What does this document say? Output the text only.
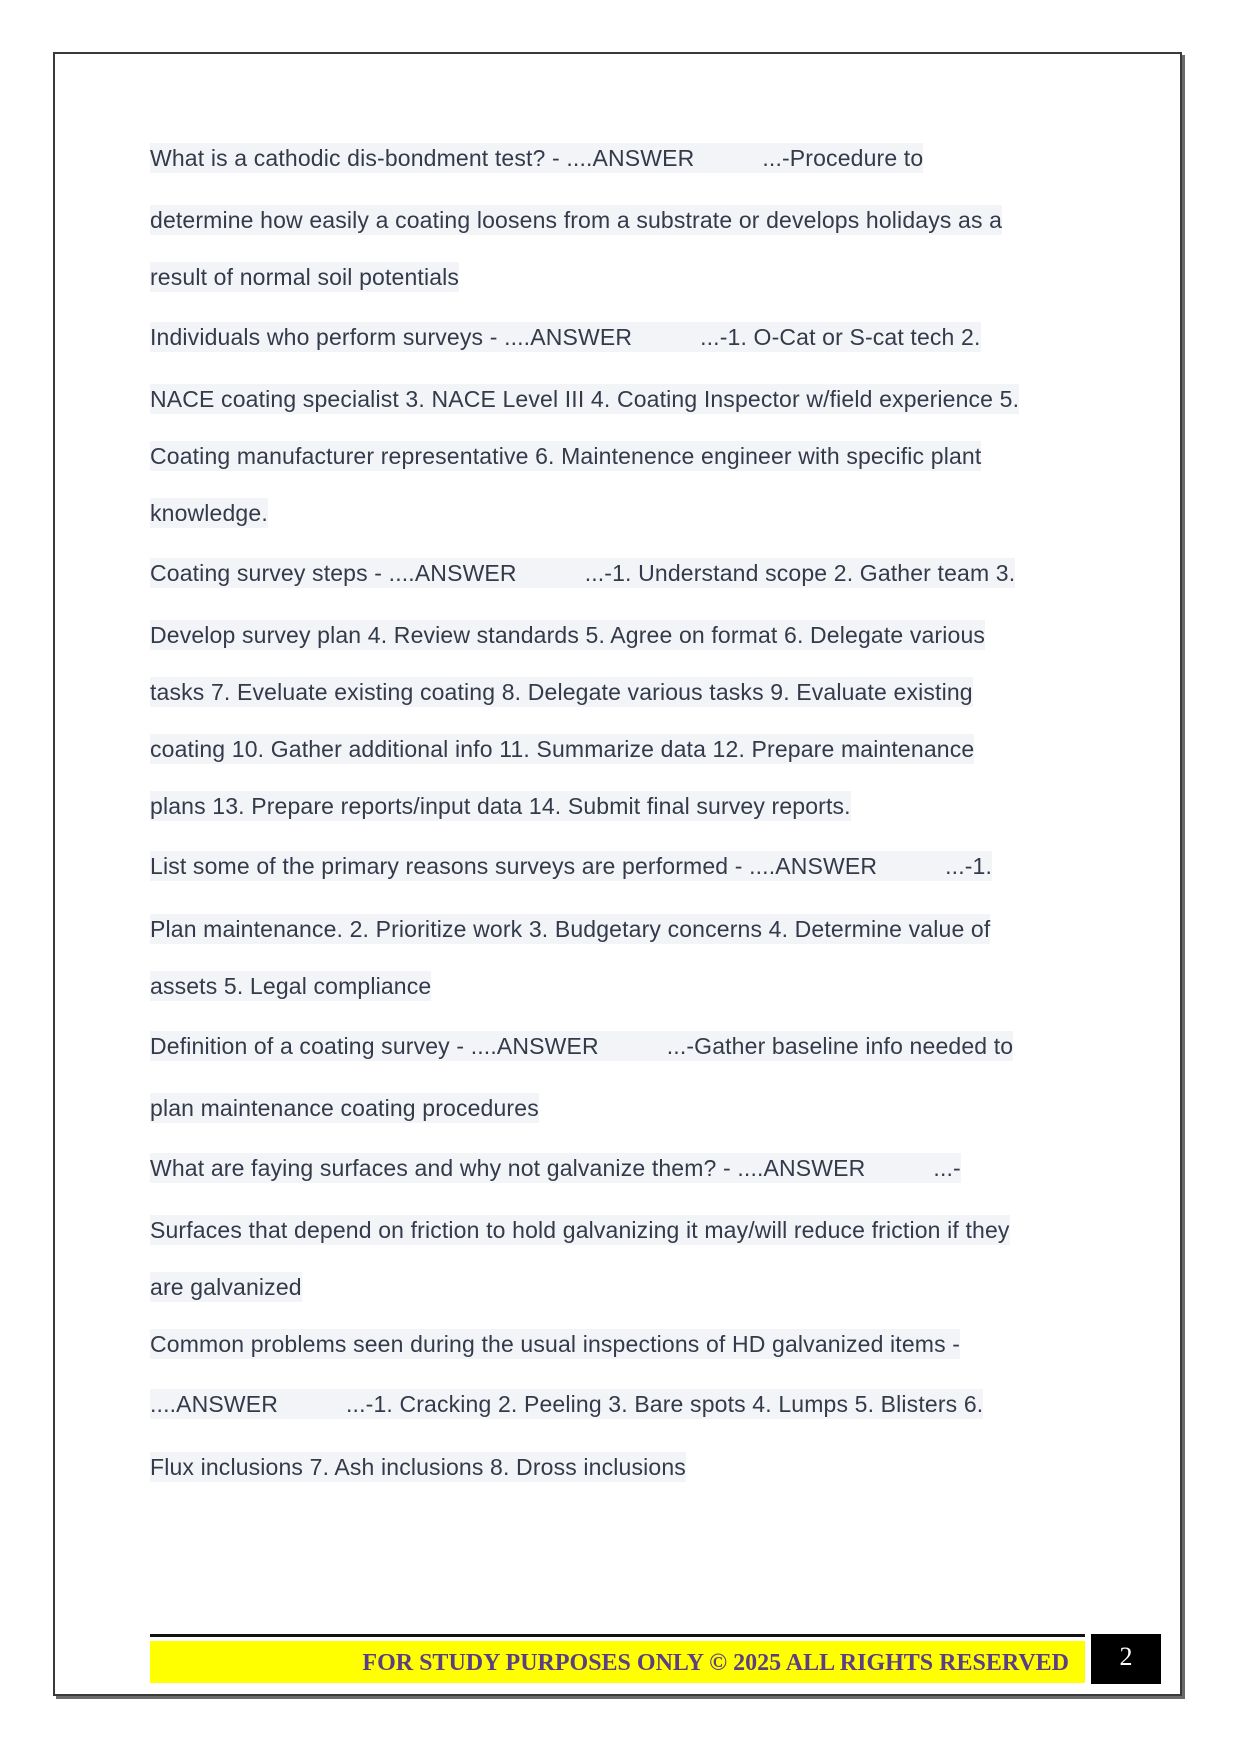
What is a cathodic dis-bondment test? - ....ANSWER	...-Procedure to
determine how easily a coating loosens from a substrate or develops holidays as a
result of normal soil potentials
Individuals who perform surveys - ....ANSWER	...-1. O-Cat or S-cat tech 2.
NACE coating specialist 3. NACE Level III 4. Coating Inspector w/field experience 5.
Coating manufacturer representative 6. Maintenence engineer with specific plant
knowledge.
Coating survey steps - ....ANSWER	...-1. Understand scope 2. Gather team 3.
Develop survey plan 4. Review standards 5. Agree on format 6. Delegate various
tasks 7. Eveluate existing coating 8. Delegate various tasks 9. Evaluate existing
coating 10. Gather additional info 11. Summarize data 12. Prepare maintenance
plans 13. Prepare reports/input data 14. Submit final survey reports.
List some of the primary reasons surveys are performed - ....ANSWER	...-1.
Plan maintenance. 2. Prioritize work 3. Budgetary concerns 4. Determine value of
assets 5. Legal compliance
Definition of a coating survey - ....ANSWER	...-Gather baseline info needed to
plan maintenance coating procedures
What are faying surfaces and why not galvanize them? - ....ANSWER	...-
Surfaces that depend on friction to hold galvanizing it may/will reduce friction if they
are galvanized
Common problems seen during the usual inspections of HD galvanized items -
....ANSWER	...-1. Cracking 2. Peeling 3. Bare spots 4. Lumps 5. Blisters 6.
Flux inclusions 7. Ash inclusions 8. Dross inclusions
FOR STUDY PURPOSES ONLY © 2025 ALL RIGHTS RESERVED	2
